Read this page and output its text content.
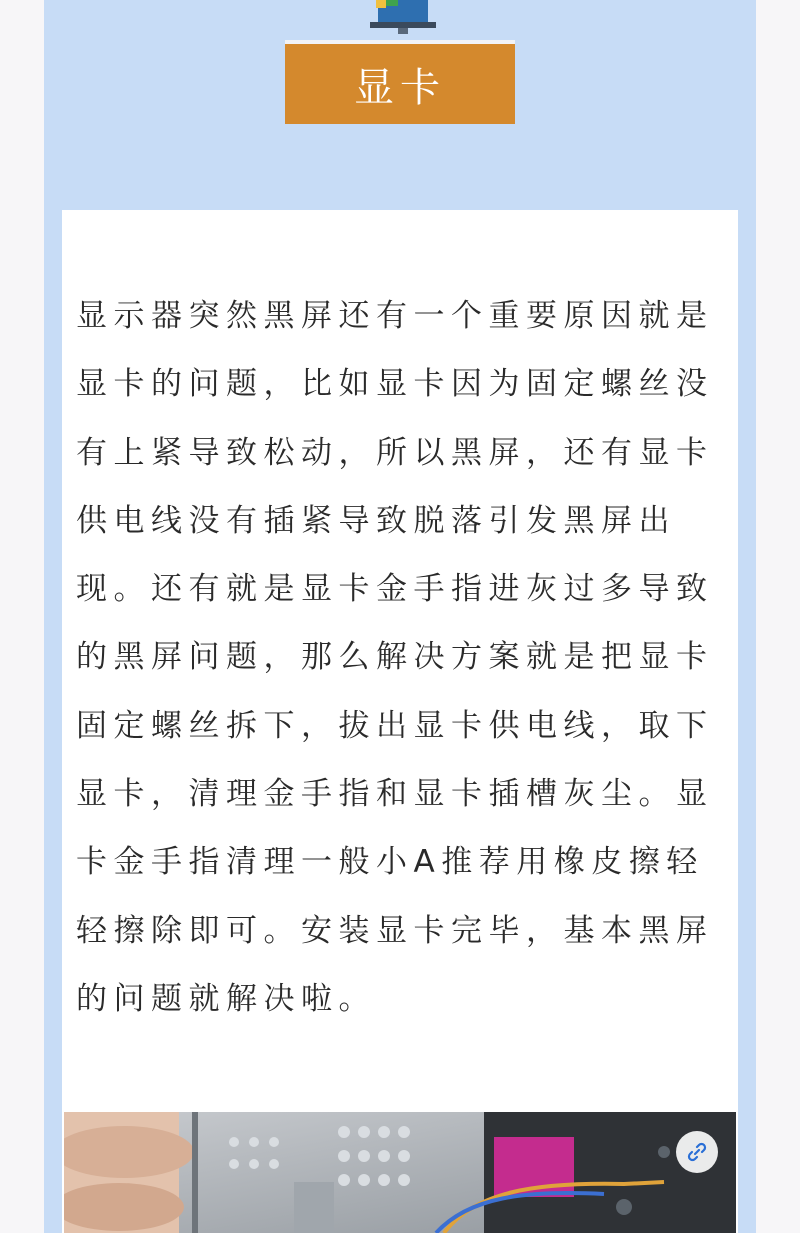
显卡

显示器突然黑屏还有一个重要原因就是显卡的问题，比如显卡因为固定螺丝没有上紧导致松动，所以黑屏，还有显卡供电线没有插紧导致脱落引发黑屏出现。还有就是显卡金手指进灰过多导致的黑屏问题，那么解决方案就是把显卡固定螺丝拆下，拔出显卡供电线，取下显卡，清理金手指和显卡插槽灰尘。显卡金手指清理一般小A推荐用橡皮擦轻轻擦除即可。安装显卡完毕，基本黑屏的问题就解决啦。
